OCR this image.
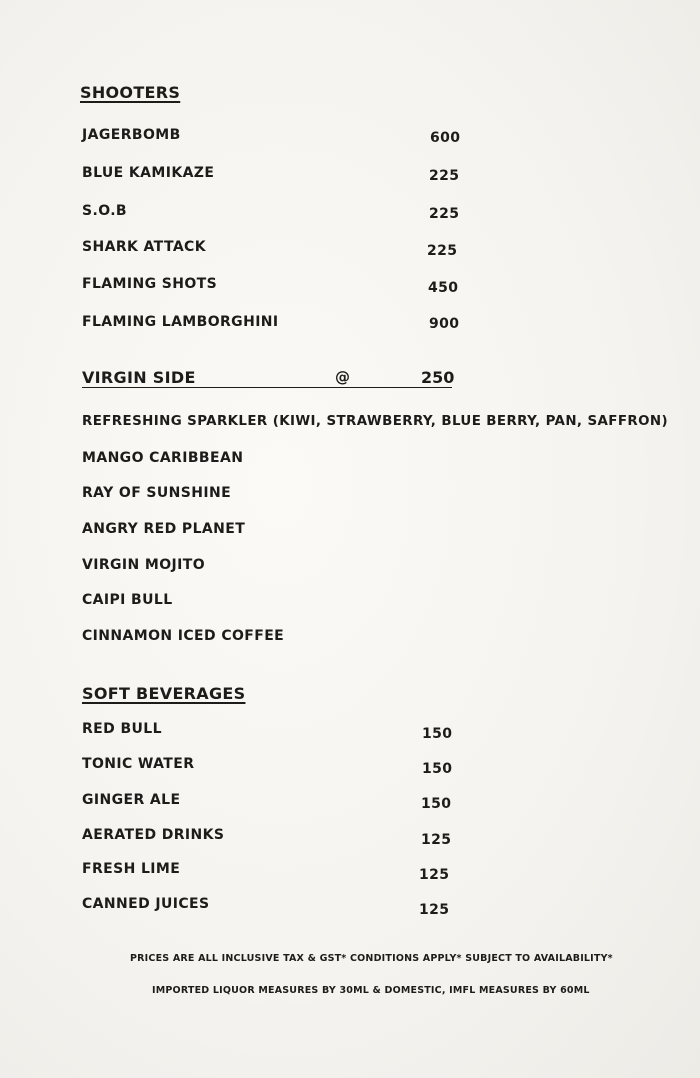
SHOOTERS
JAGERBOMB	600
BLUE KAMIKAZE	225
S.O.B	225
SHARK ATTACK	225
FLAMING SHOTS	450
FLAMING LAMBORGHINI	900
VIRGIN SIDE	@	250
REFRESHING SPARKLER (KIWI, STRAWBERRY, BLUE BERRY, PAN, SAFFRON)
MANGO CARIBBEAN
RAY OF SUNSHINE
ANGRY RED PLANET
VIRGIN MOJITO
CAIPI BULL
CINNAMON ICED COFFEE
SOFT BEVERAGES
RED BULL	150
TONIC WATER	150
GINGER ALE	150
AERATED DRINKS	125
FRESH LIME	125
CANNED JUICES	125
PRICES ARE ALL INCLUSIVE TAX & GST* CONDITIONS APPLY* SUBJECT TO AVAILABILITY*
IMPORTED LIQUOR MEASURES BY 30ML & DOMESTIC, IMFL MEASURES BY 60ML
